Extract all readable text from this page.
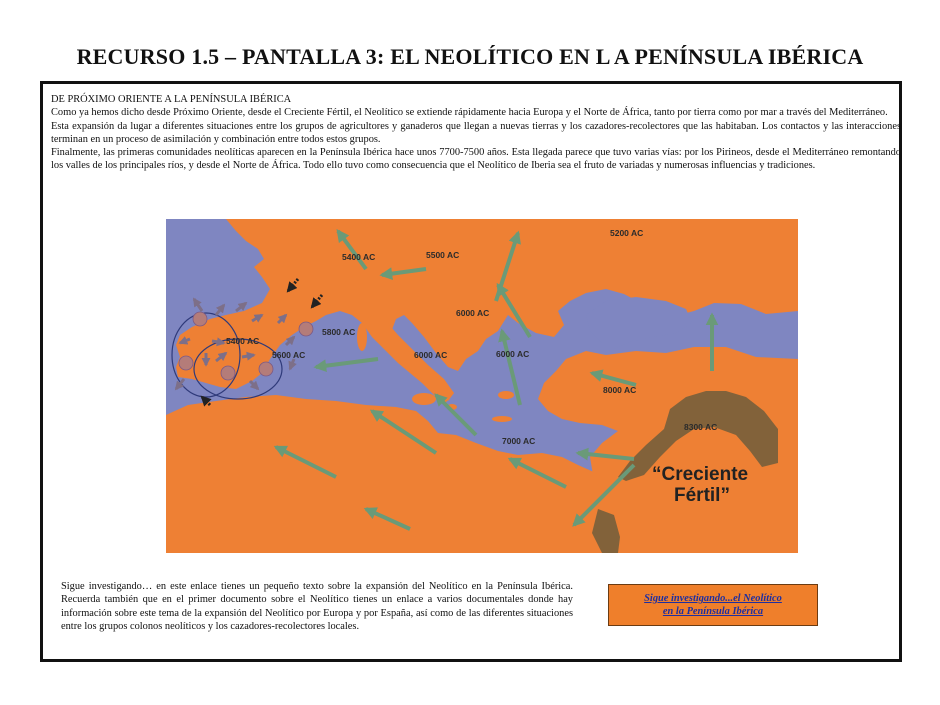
RECURSO 1.5 – PANTALLA 3: EL NEOLÍTICO EN L A PENÍNSULA IBÉRICA

DE PRÓXIMO ORIENTE A LA PENÍNSULA IBÉRICA

Como ya hemos dicho desde Próximo Oriente, desde el Creciente Fértil, el Neolítico se extiende rápidamente hacia Europa y el Norte de África, tanto por tierra como por mar a través del Mediterráneo.

Esta expansión da lugar a diferentes situaciones entre los grupos de agricultores y ganaderos que llegan a nuevas tierras y los cazadores-recolectores que las habitaban. Los contactos y las interacciones terminan en un proceso de asimilación y combinación entre todos estos grupos.

Finalmente, las primeras comunidades neolíticas aparecen en la Península Ibérica hace unos 7700-7500 años. Esta llegada parece que tuvo varias vías: por los Pirineos, desde el Mediterráneo remontando los valles de los principales ríos, y desde el Norte de África. Todo ello tuvo como consecuencia que el Neolítico de Iberia sea el fruto de variadas y numerosas influencias y tradiciones.

5200 AC
5500 AC
5400 AC
5400 AC
5800 AC
5600 AC
6000 AC
6000 AC	6000 AC
8000 AC
8300 AC
7000 AC
“Creciente
Fértil”
Sigue investigando… en este enlace tienes un pequeño texto sobre la expansión del Neolítico en la Península Ibérica. Recuerda también que en el primer documento sobre el Neolítico tienes un enlace a varios documentales donde hay información sobre este tema de la expansión del Neolítico por Europa y por España, así como de las diferentes situaciones entre los grupos colonos neolíticos y los cazadores-recolectores locales.
Sigue investigando...el Neolítico
en la Península Ibérica
